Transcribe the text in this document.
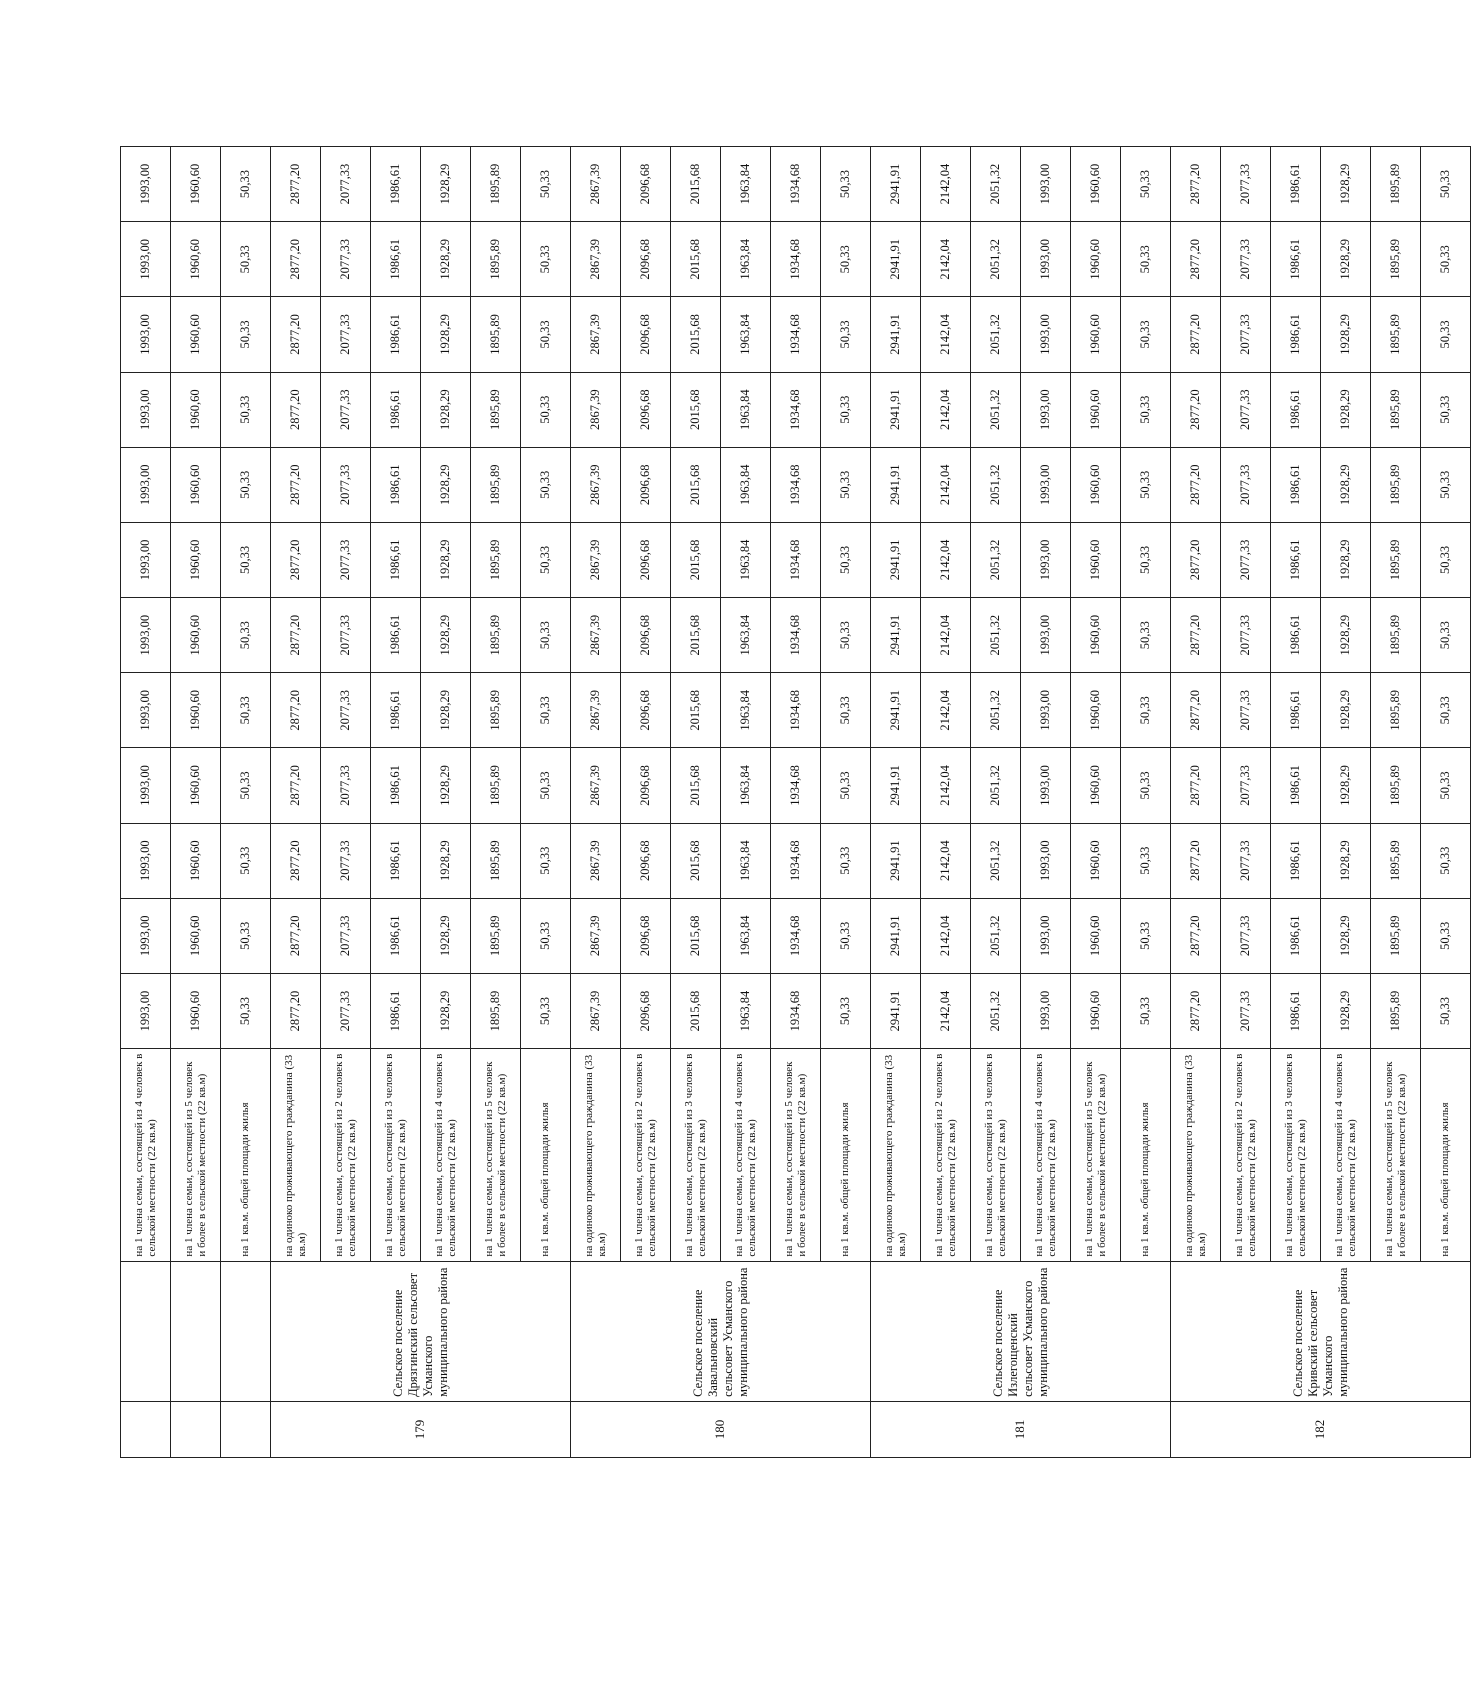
		на 1 члена семьи, состоящей из 4 человек в сельской местности (22 кв.м)	1993,00	1993,00	1993,00	1993,00	1993,00	1993,00	1993,00	1993,00	1993,00	1993,00	1993,00	1993,00
		на 1 члена семьи, состоящей из 5 человек и более в сельской местности (22 кв.м)	1960,60	1960,60	1960,60	1960,60	1960,60	1960,60	1960,60	1960,60	1960,60	1960,60	1960,60	1960,60
		на 1 кв.м. общей площади жилья	50,33	50,33	50,33	50,33	50,33	50,33	50,33	50,33	50,33	50,33	50,33	50,33
179	Сельское поселение Дрязгинский сельсовет Усманского муниципального района	на одиноко проживающего гражданина (33 кв.м)	2877,20	2877,20	2877,20	2877,20	2877,20	2877,20	2877,20	2877,20	2877,20	2877,20	2877,20	2877,20
		на 1 члена семьи, состоящей из 2 человек в сельской местности (22 кв.м)	2077,33	2077,33	2077,33	2077,33	2077,33	2077,33	2077,33	2077,33	2077,33	2077,33	2077,33	2077,33
		на 1 члена семьи, состоящей из 3 человек в сельской местности (22 кв.м)	1986,61	1986,61	1986,61	1986,61	1986,61	1986,61	1986,61	1986,61	1986,61	1986,61	1986,61	1986,61
		на 1 члена семьи, состоящей из 4 человек в сельской местности (22 кв.м)	1928,29	1928,29	1928,29	1928,29	1928,29	1928,29	1928,29	1928,29	1928,29	1928,29	1928,29	1928,29
		на 1 члена семьи, состоящей из 5 человек и более в сельской местности (22 кв.м)	1895,89	1895,89	1895,89	1895,89	1895,89	1895,89	1895,89	1895,89	1895,89	1895,89	1895,89	1895,89
		на 1 кв.м. общей площади жилья	50,33	50,33	50,33	50,33	50,33	50,33	50,33	50,33	50,33	50,33	50,33	50,33
180	Сельское поселение Завальновский сельсовет Усманского муниципального района	на одиноко проживающего гражданина (33 кв.м)	2867,39	2867,39	2867,39	2867,39	2867,39	2867,39	2867,39	2867,39	2867,39	2867,39	2867,39	2867,39
		на 1 члена семьи, состоящей из 2 человек в сельской местности (22 кв.м)	2096,68	2096,68	2096,68	2096,68	2096,68	2096,68	2096,68	2096,68	2096,68	2096,68	2096,68	2096,68
		на 1 члена семьи, состоящей из 3 человек в сельской местности (22 кв.м)	2015,68	2015,68	2015,68	2015,68	2015,68	2015,68	2015,68	2015,68	2015,68	2015,68	2015,68	2015,68
		на 1 члена семьи, состоящей из 4 человек в сельской местности (22 кв.м)	1963,84	1963,84	1963,84	1963,84	1963,84	1963,84	1963,84	1963,84	1963,84	1963,84	1963,84	1963,84
		на 1 члена семьи, состоящей из 5 человек и более в сельской местности (22 кв.м)	1934,68	1934,68	1934,68	1934,68	1934,68	1934,68	1934,68	1934,68	1934,68	1934,68	1934,68	1934,68
		на 1 кв.м. общей площади жилья	50,33	50,33	50,33	50,33	50,33	50,33	50,33	50,33	50,33	50,33	50,33	50,33
181	Сельское поселение Излегощенский сельсовет Усманского муниципального района	на одиноко проживающего гражданина (33 кв.м)	2941,91	2941,91	2941,91	2941,91	2941,91	2941,91	2941,91	2941,91	2941,91	2941,91	2941,91	2941,91
		на 1 члена семьи, состоящей из 2 человек в сельской местности (22 кв.м)	2142,04	2142,04	2142,04	2142,04	2142,04	2142,04	2142,04	2142,04	2142,04	2142,04	2142,04	2142,04
		на 1 члена семьи, состоящей из 3 человек в сельской местности (22 кв.м)	2051,32	2051,32	2051,32	2051,32	2051,32	2051,32	2051,32	2051,32	2051,32	2051,32	2051,32	2051,32
		на 1 члена семьи, состоящей из 4 человек в сельской местности (22 кв.м)	1993,00	1993,00	1993,00	1993,00	1993,00	1993,00	1993,00	1993,00	1993,00	1993,00	1993,00	1993,00
		на 1 члена семьи, состоящей из 5 человек и более в сельской местности (22 кв.м)	1960,60	1960,60	1960,60	1960,60	1960,60	1960,60	1960,60	1960,60	1960,60	1960,60	1960,60	1960,60
		на 1 кв.м. общей площади жилья	50,33	50,33	50,33	50,33	50,33	50,33	50,33	50,33	50,33	50,33	50,33	50,33
182	Сельское поселение Кривский сельсовет Усманского муниципального района	на одиноко проживающего гражданина (33 кв.м)	2877,20	2877,20	2877,20	2877,20	2877,20	2877,20	2877,20	2877,20	2877,20	2877,20	2877,20	2877,20
		на 1 члена семьи, состоящей из 2 человек в сельской местности (22 кв.м)	2077,33	2077,33	2077,33	2077,33	2077,33	2077,33	2077,33	2077,33	2077,33	2077,33	2077,33	2077,33
		на 1 члена семьи, состоящей из 3 человек в сельской местности (22 кв.м)	1986,61	1986,61	1986,61	1986,61	1986,61	1986,61	1986,61	1986,61	1986,61	1986,61	1986,61	1986,61
		на 1 члена семьи, состоящей из 4 человек в сельской местности (22 кв.м)	1928,29	1928,29	1928,29	1928,29	1928,29	1928,29	1928,29	1928,29	1928,29	1928,29	1928,29	1928,29
		на 1 члена семьи, состоящей из 5 человек и более в сельской местности (22 кв.м)	1895,89	1895,89	1895,89	1895,89	1895,89	1895,89	1895,89	1895,89	1895,89	1895,89	1895,89	1895,89
		на 1 кв.м. общей площади жилья	50,33	50,33	50,33	50,33	50,33	50,33	50,33	50,33	50,33	50,33	50,33	50,33
